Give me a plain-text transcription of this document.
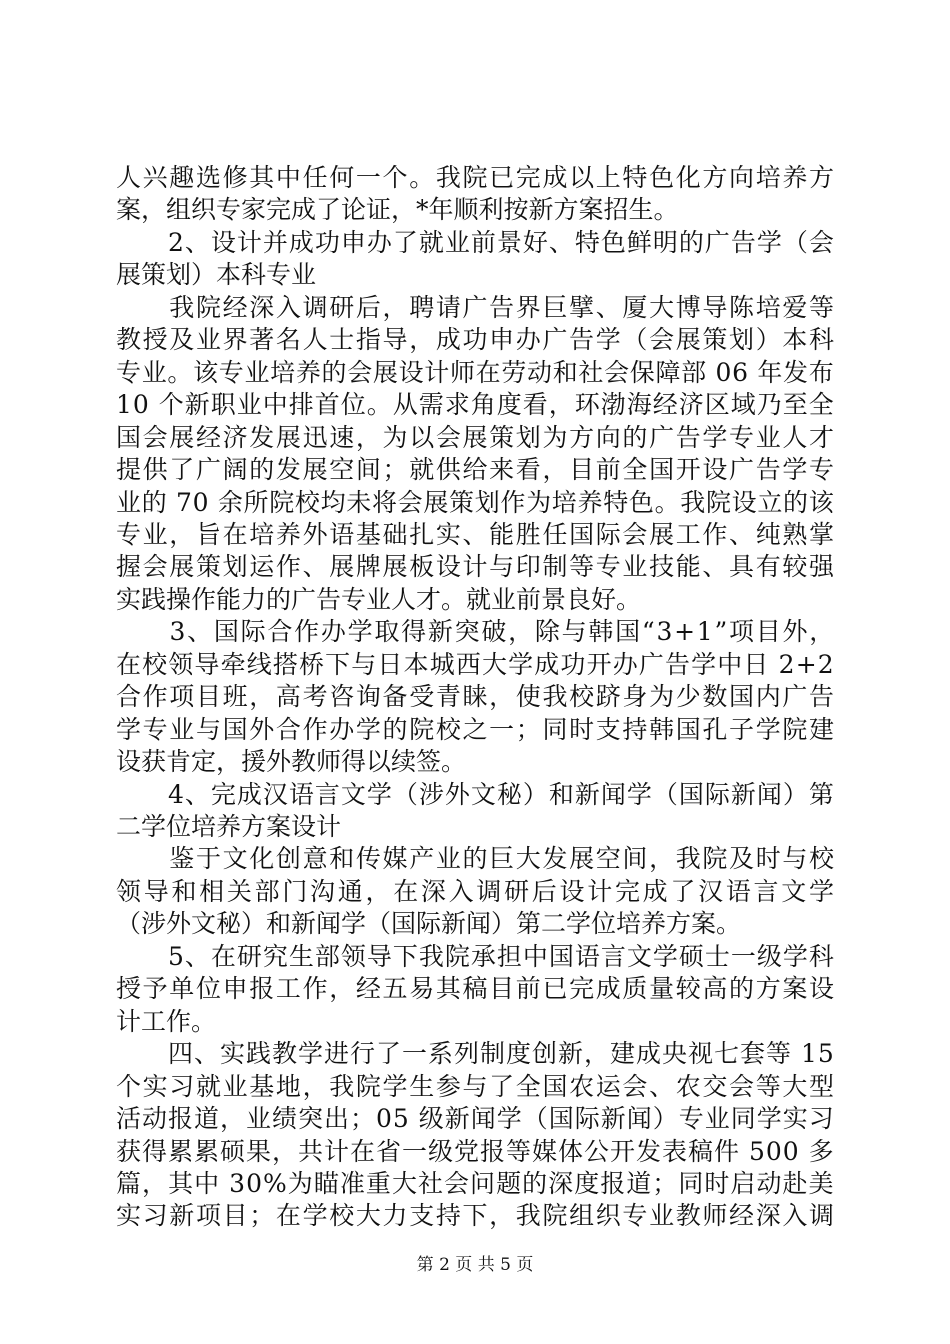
人兴趣选修其中任何一个。我院已完成以上特色化方向培养方
案，组织专家完成了论证，*年顺利按新方案招生。
　　2、设计并成功申办了就业前景好、特色鲜明的广告学（会
展策划）本科专业
　　我院经深入调研后，聘请广告界巨擘、厦大博导陈培爱等
教授及业界著名人士指导，成功申办广告学（会展策划）本科
专业。该专业培养的会展设计师在劳动和社会保障部 06 年发布
10 个新职业中排首位。从需求角度看，环渤海经济区域乃至全
国会展经济发展迅速，为以会展策划为方向的广告学专业人才
提供了广阔的发展空间；就供给来看，目前全国开设广告学专
业的 70 余所院校均未将会展策划作为培养特色。我院设立的该
专业，旨在培养外语基础扎实、能胜任国际会展工作、纯熟掌
握会展策划运作、展牌展板设计与印制等专业技能、具有较强
实践操作能力的广告专业人才。就业前景良好。
　　3、国际合作办学取得新突破，除与韩国“3+1”项目外，
在校领导牵线搭桥下与日本城西大学成功开办广告学中日 2+2
合作项目班，高考咨询备受青睐，使我校跻身为少数国内广告
学专业与国外合作办学的院校之一；同时支持韩国孔子学院建
设获肯定，援外教师得以续签。
　　4、完成汉语言文学（涉外文秘）和新闻学（国际新闻）第
二学位培养方案设计
　　鉴于文化创意和传媒产业的巨大发展空间，我院及时与校
领导和相关部门沟通，在深入调研后设计完成了汉语言文学
（涉外文秘）和新闻学（国际新闻）第二学位培养方案。
　　5、在研究生部领导下我院承担中国语言文学硕士一级学科
授予单位申报工作，经五易其稿目前已完成质量较高的方案设
计工作。
　　四、实践教学进行了一系列制度创新，建成央视七套等 15
个实习就业基地，我院学生参与了全国农运会、农交会等大型
活动报道，业绩突出；05 级新闻学（国际新闻）专业同学实习
获得累累硕果，共计在省一级党报等媒体公开发表稿件 500 多
篇，其中 30%为瞄准重大社会问题的深度报道；同时启动赴美
实习新项目；在学校大力支持下，我院组织专业教师经深入调
第 2 页 共 5 页
